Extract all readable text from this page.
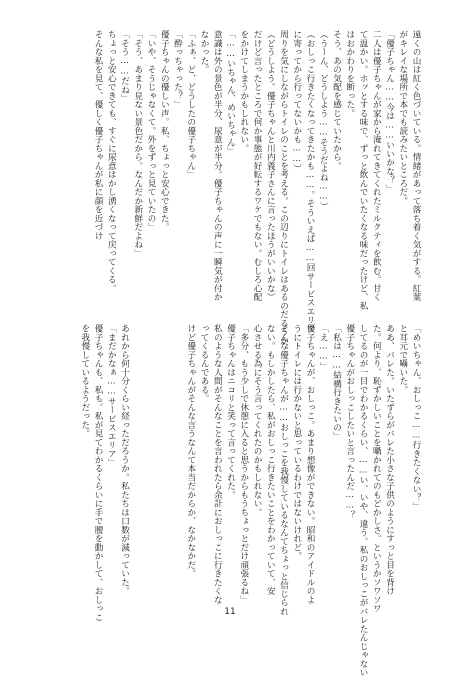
遠くの山は紅く色づいている。情緒があって落ち着く気がする。紅葉
がキレイな場所で本でも読みたいところだ。
「優子ちゃん……今は……いいかな？」
二人は優子ちゃんが家から淹れてきてくれたミルクティを飲む。甘く
て温かい。ホッとする味で、ずっと飲んでいたくなる味だったけど、私
はおかわりを断った。
そう、あの気配を感じていたから。
（うーん、どうしよう……そうだよね……）
（おしっこ行きたくなってきたかも……。そういえば……回サービスエリア
に寄ってから行ってないかも……）
周りを気にしながらトイレのことを考える。この辺りにトイレはあるのだろうか。
（どうしよう。優子ちゃんと川内義子さんに言ったほうがいいかな）
だけど言ったところで何か事態が好転するワケでもない。むしろ心配
をかけてしまうかもしれない。
「……いちゃん、めいちゃん」
意識は外の景色が半分、尿意が半分。優子ちゃんの声に一瞬気が付か
なかった。
「ふぁ、ど、どうしたの優子ちゃん」
「酔っちゃった？」
優子ちゃんの優しい声。私、ちょっと安心できた。
「いや、そうじゃなくて。外をずっと見ていたの」
「そう、あまり見ない景色だから。なんだか新鮮だよね」
「そう……だね」
ちょっと安心できても、すぐに尿意はかし湧くなって戻ってくる。
そんな私を見て、優しく優子ちゃんが私に顔を近づけ
「めいちゃん、おしっこ……行きたくない？」
と耳元で囁いた。
ああ、バレた。いたずらがバレた小さな子供のようにすっと目を背け
た。何より、恥ずかしいことを囁かれてのもどかしさ。というかソワソワ
してるのが一目でわかるくらい、……い、いや、違う。私のおしっこがバレたんじゃない
優子ちゃんがおしっこしたいと言ったんだ……？
「私は……結構行きたいの」
「え……」
優子ちゃんが、おしっこ。あまり想像ができない。昭和のアイドルのよ
うにトイレには行かないと思っているわけではないけれど。
そんな優子ちゃんが……おしっこを我慢しているなんてちょっと信じられ
ない。もしかしたら、私がおしっこ行きたいことをわかっていて、安
心させる為にそう言ってくれたのかもしれない。
「多分、もう少しで休憩に入ると思うからもうちょっとだけ頑張るね」
優子ちゃんはニコリと笑って言ってくれた。
私のような人間がそんなことを言われたら余計におしっこに行きたくな
ってくるんである。
けど優子ちゃんがそんな言うなんて本当だからか、なかなかだ。

あれから何十分くらい経っただろうか。私たちは口数が減っていた。
「まだかなぁ……サービスエリア」
優子ちゃんも、私も。私が見てわかるくらいに手で腰を動かして、おしっこ
を我慢しているようだった。
11
